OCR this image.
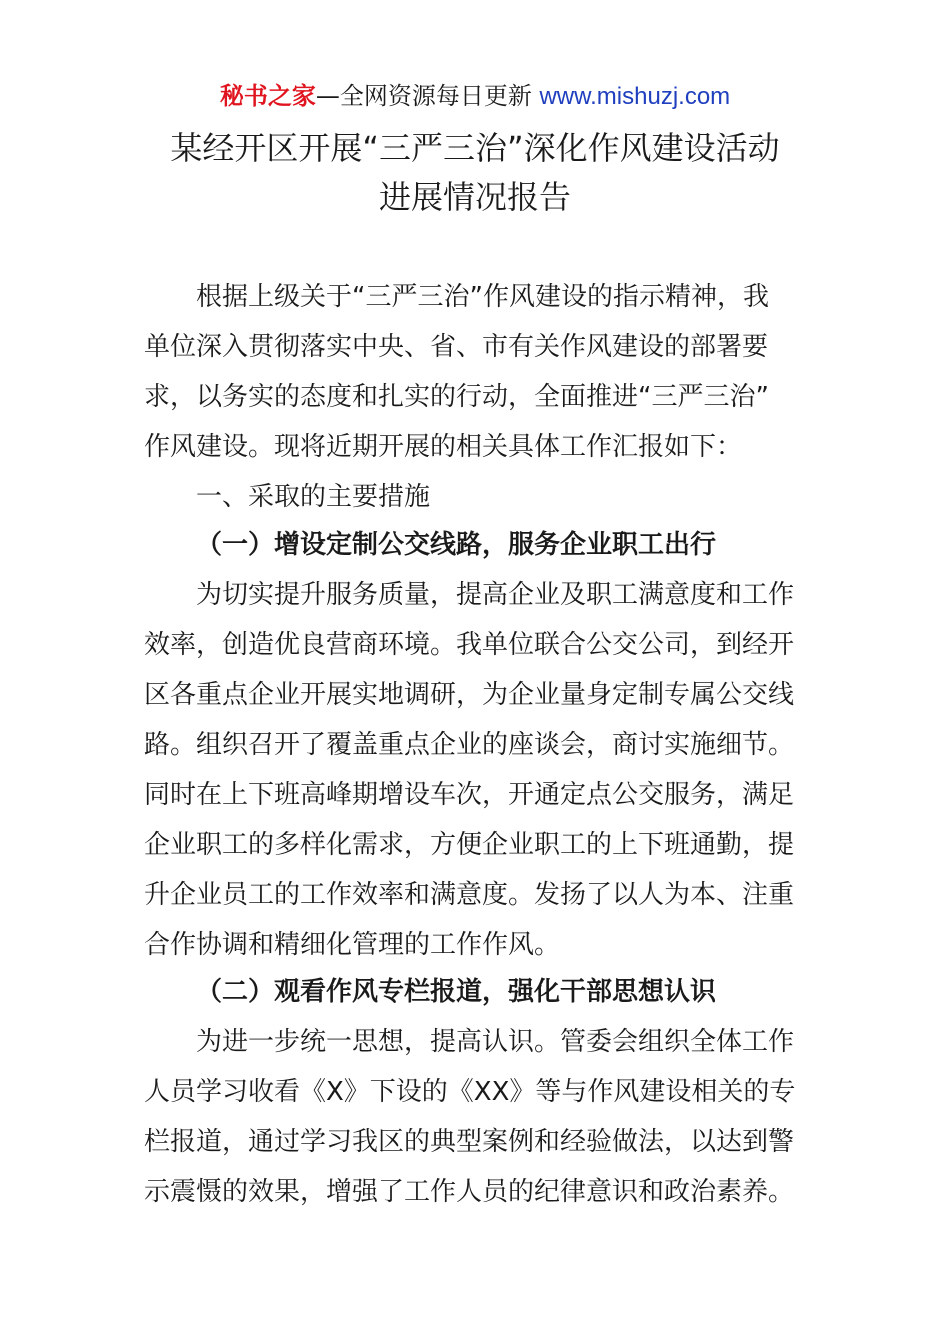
秘书之家—全网资源每日更新 www.mishuzj.com
某经开区开展“三严三治”深化作风建设活动
进展情况报告
根据上级关于“三严三治”作风建设的指示精神，我
单位深入贯彻落实中央、省、市有关作风建设的部署要
求，以务实的态度和扎实的行动，全面推进“三严三治”
作风建设。现将近期开展的相关具体工作汇报如下：
一、采取的主要措施
（一）增设定制公交线路，服务企业职工出行
为切实提升服务质量，提高企业及职工满意度和工作
效率，创造优良营商环境。我单位联合公交公司，到经开
区各重点企业开展实地调研，为企业量身定制专属公交线
路。组织召开了覆盖重点企业的座谈会，商讨实施细节。
同时在上下班高峰期增设车次，开通定点公交服务，满足
企业职工的多样化需求，方便企业职工的上下班通勤，提
升企业员工的工作效率和满意度。发扬了以人为本、注重
合作协调和精细化管理的工作作风。
（二）观看作风专栏报道，强化干部思想认识
为进一步统一思想，提高认识。管委会组织全体工作
人员学习收看《X》下设的《XX》等与作风建设相关的专
栏报道，通过学习我区的典型案例和经验做法，以达到警
示震慑的效果，增强了工作人员的纪律意识和政治素养。
